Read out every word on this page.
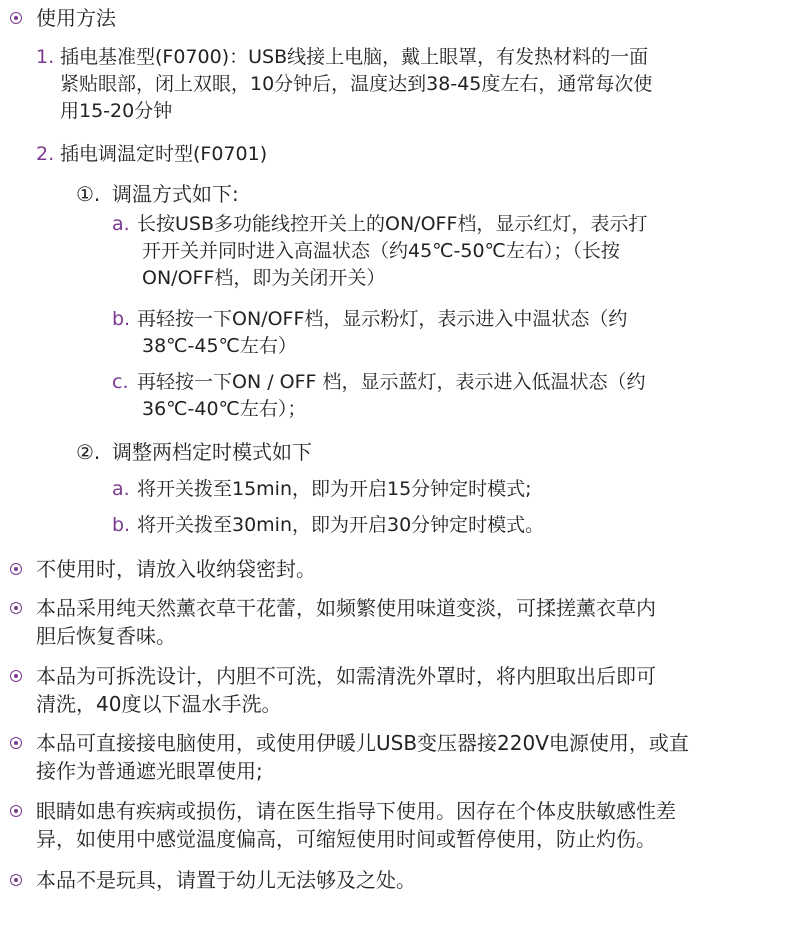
使用方法
1. 插电基准型(F0700)：USB线接上电脑，戴上眼罩，有发热材料的一面
紧贴眼部，闭上双眼，10分钟后，温度达到38-45度左右，通常每次使
用15-20分钟
2. 插电调温定时型(F0701)
①. 调温方式如下:
a. 长按USB多功能线控开关上的ON/OFF档，显示红灯，表示打
开开关并同时进入高温状态（约45℃-50℃左右）；（长按
ON/OFF档，即为关闭开关）
b. 再轻按一下ON/OFF档，显示粉灯，表示进入中温状态（约
38℃-45℃左右）
c. 再轻按一下ON / OFF 档，显示蓝灯，表示进入低温状态（约
36℃-40℃左右）；
②. 调整两档定时模式如下
a. 将开关拨至15min，即为开启15分钟定时模式;
b. 将开关拨至30min，即为开启30分钟定时模式。
不使用时，请放入收纳袋密封。
本品采用纯天然薰衣草干花蕾，如频繁使用味道变淡，可揉搓薰衣草内
胆后恢复香味。
本品为可拆洗设计，内胆不可洗，如需清洗外罩时，将内胆取出后即可
清洗，40度以下温水手洗。
本品可直接接电脑使用，或使用伊暖儿USB变压器接220V电源使用，或直
接作为普通遮光眼罩使用;
眼睛如患有疾病或损伤，请在医生指导下使用。因存在个体皮肤敏感性差
异，如使用中感觉温度偏高，可缩短使用时间或暂停使用，防止灼伤。
本品不是玩具，请置于幼儿无法够及之处。
